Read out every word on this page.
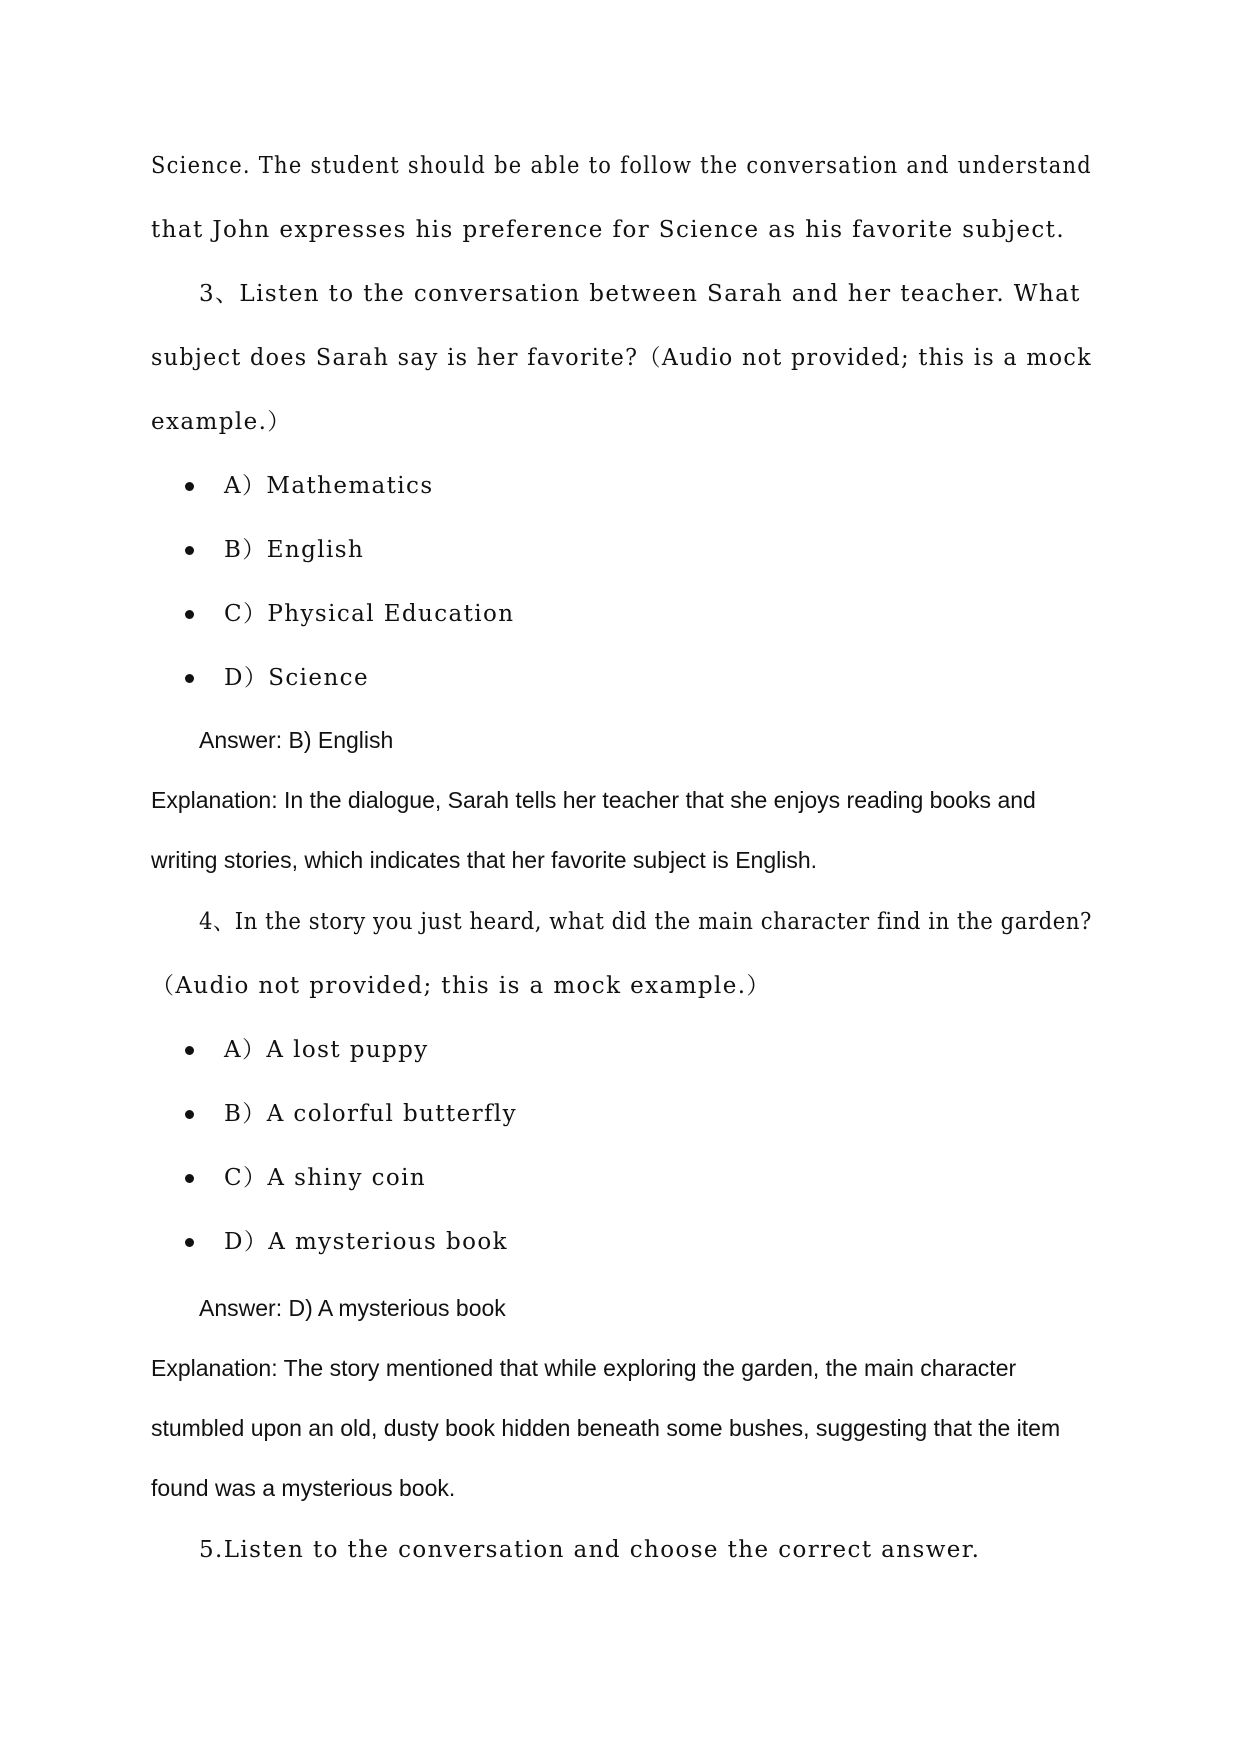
Science. The student should be able to follow the conversation and understand
that John expresses his preference for Science as his favorite subject.
3、Listen to the conversation between Sarah and her teacher. What
subject does Sarah say is her favorite?（Audio not provided; this is a mock
example.）
A）Mathematics
B）English
C）Physical Education
D）Science
Answer: B) English
Explanation: In the dialogue, Sarah tells her teacher that she enjoys reading books and
writing stories, which indicates that her favorite subject is English.
4、In the story you just heard, what did the main character find in the garden?
（Audio not provided; this is a mock example.）
A）A lost puppy
B）A colorful butterfly
C）A shiny coin
D）A mysterious book
Answer: D) A mysterious book
Explanation: The story mentioned that while exploring the garden, the main character
stumbled upon an old, dusty book hidden beneath some bushes, suggesting that the item
found was a mysterious book.
5.Listen to the conversation and choose the correct answer.
